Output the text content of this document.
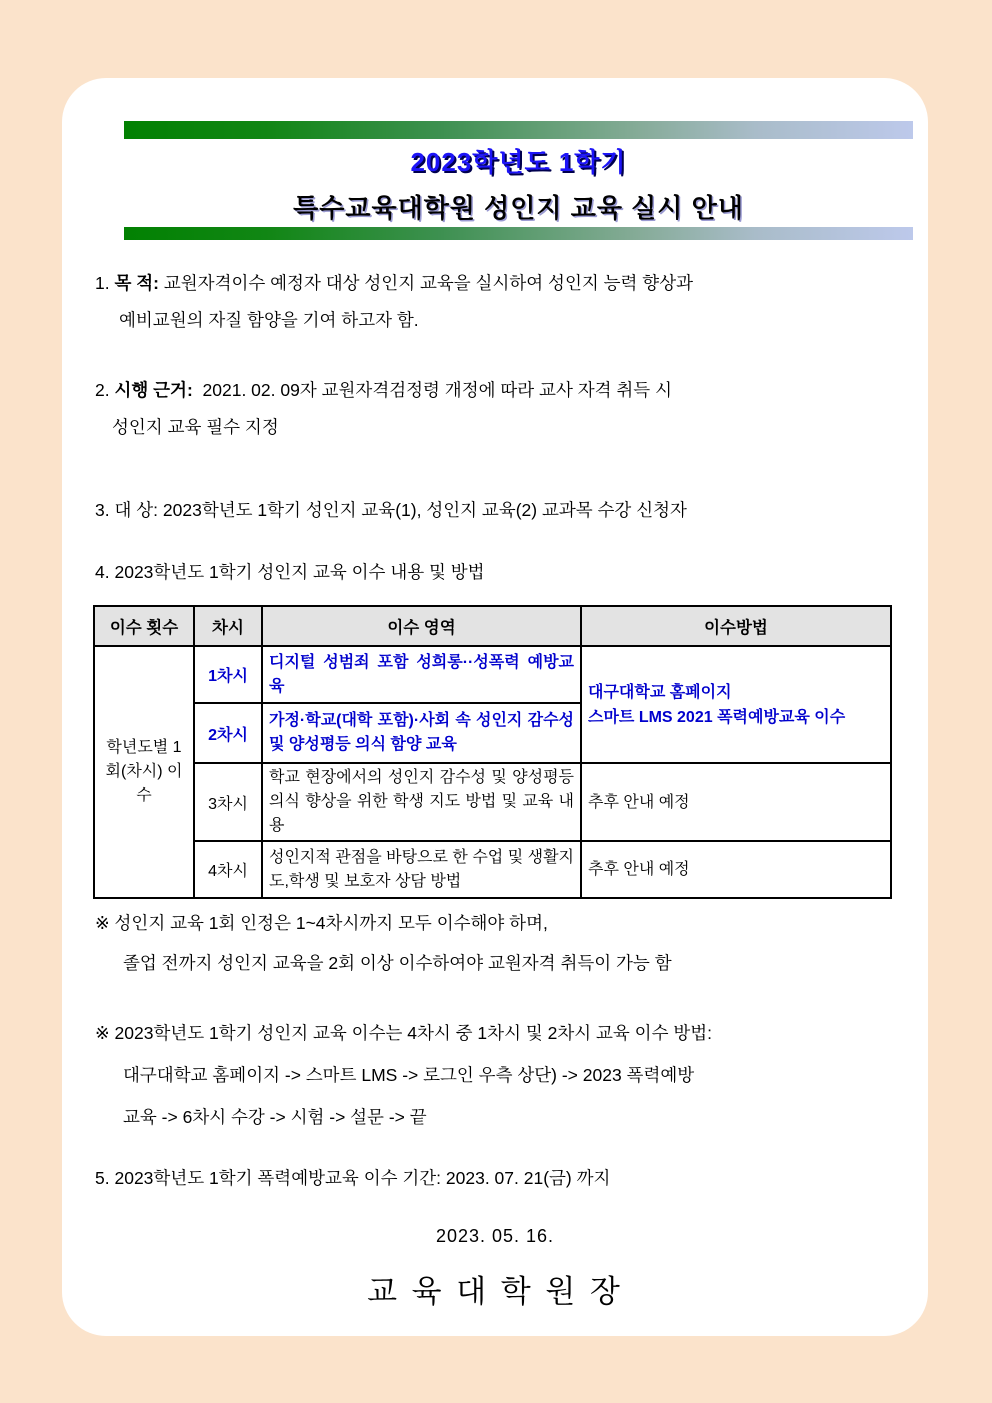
2023학년도 1학기
특수교육대학원 성인지 교육 실시 안내
1. 목 적: 교원자격이수 예정자 대상 성인지 교육을 실시하여 성인지 능력 향상과
예비교원의 자질 함양을 기여 하고자 함.
2. 시행 근거: 2021. 02. 09자 교원자격검정령 개정에 따라 교사 자격 취득 시
성인지 교육 필수 지정
3. 대 상: 2023학년도 1학기 성인지 교육(1), 성인지 교육(2) 교과목 수강 신청자
4. 2023학년도 1학기 성인지 교육 이수 내용 및 방법
이수 횟수	차시	이수 영역	이수방법
학년도별 1회(차시) 이수	1차시	디지털 성범죄 포함 성희롱··성폭력 예방교육	대구대학교 홈페이지
스마트 LMS 2021 폭력예방교육 이수

	2차시	가정·학교(대학 포함)·사회 속 성인지 감수성 및 양성평등 의식 함양 교육	
	3차시	학교 현장에서의 성인지 감수성 및 양성평등 의식 향상을 위한 학생 지도 방법 및 교육 내용	추후 안내 예정
	4차시	성인지적 관점을 바탕으로 한 수업 및 생활지도,학생 및 보호자 상담 방법	추후 안내 예정
※ 성인지 교육 1회 인정은 1~4차시까지 모두 이수해야 하며,
졸업 전까지 성인지 교육을 2회 이상 이수하여야 교원자격 취득이 가능 함
※ 2023학년도 1학기 성인지 교육 이수는 4차시 중 1차시 및 2차시 교육 이수 방법:
대구대학교 홈페이지 -> 스마트 LMS -> 로그인 우측 상단) -> 2023 폭력예방
교육 -> 6차시 수강 -> 시험 -> 설문 -> 끝
5. 2023학년도 1학기 폭력예방교육 이수 기간: 2023. 07. 21(금) 까지
2023. 05. 16.
교 육 대 학 원 장
